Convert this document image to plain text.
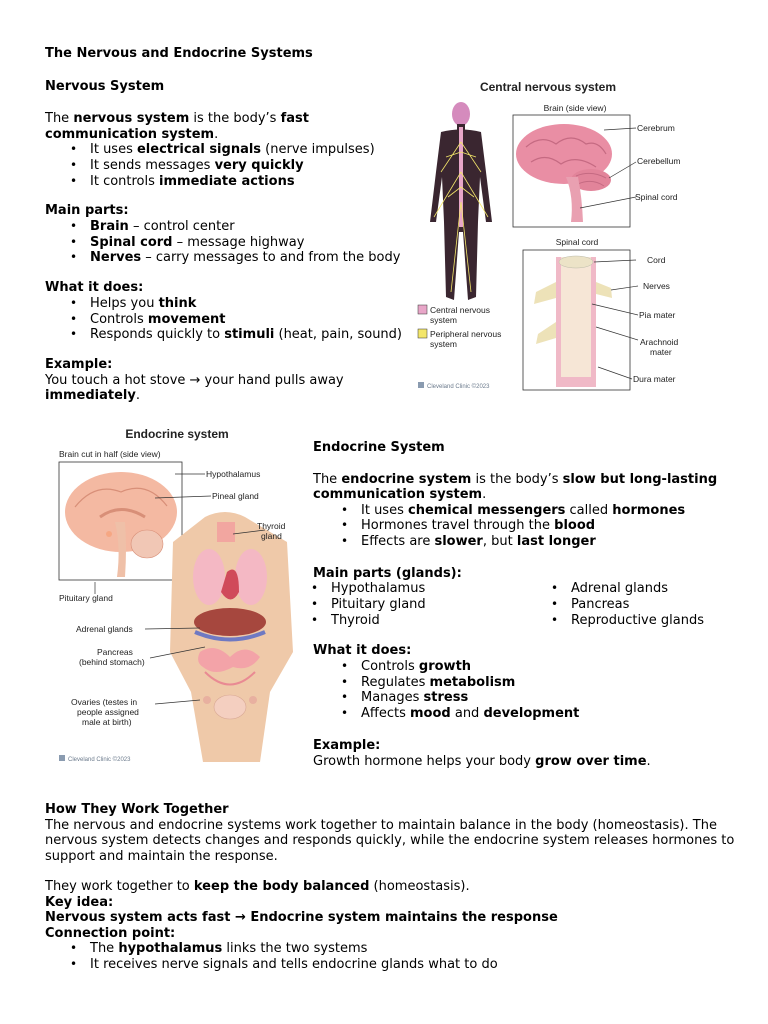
The Nervous and Endocrine Systems

Nervous System

The nervous system is the body’s fast

communication system.

• It uses electrical signals (nerve impulses)
• It sends messages very quickly
• It controls immediate actions

Main parts:

• Brain – control center
• Spinal cord – message highway
• Nerves – carry messages to and from the body

What it does:

• Helps you think
• Controls movement
• Responds quickly to stimuli (heat, pain, sound)

Example:

You touch a hot stove → your hand pulls away

immediately.

Central nervous system
Brain (side view)
Cerebrum
Cerebellum
Spinal cord
Spinal cord
Cord
Nerves
Pia mater
Arachnoid
mater
Dura mater
Central nervous
system
Peripheral nervous
system
Cleveland Clinic ©2023
Endocrine system
Brain cut in half (side view)
Hypothalamus
Pineal gland
Thyroid
gland
Pituitary gland
Adrenal glands
Pancreas
(behind stomach)
Ovaries (testes in
people assigned
male at birth)
Cleveland Clinic ©2023

Endocrine System

The endocrine system is the body’s slow but long-lasting

communication system.

• It uses chemical messengers called hormones
• Hormones travel through the blood
• Effects are slower, but last longer

Main parts (glands):

• Hypothalamus
• Pituitary gland
• Thyroid
• Adrenal glands
• Pancreas
• Reproductive glands

What it does:

• Controls growth
• Regulates metabolism
• Manages stress
• Affects mood and development

Example:

Growth hormone helps your body grow over time.

How They Work Together

The nervous and endocrine systems work together to maintain balance in the body (homeostasis). The

nervous system detects changes and responds quickly, while the endocrine system releases hormones to

support and maintain the response.

They work together to keep the body balanced (homeostasis).

Key idea:

Nervous system acts fast → Endocrine system maintains the response

Connection point:

• The hypothalamus links the two systems
• It receives nerve signals and tells endocrine glands what to do
